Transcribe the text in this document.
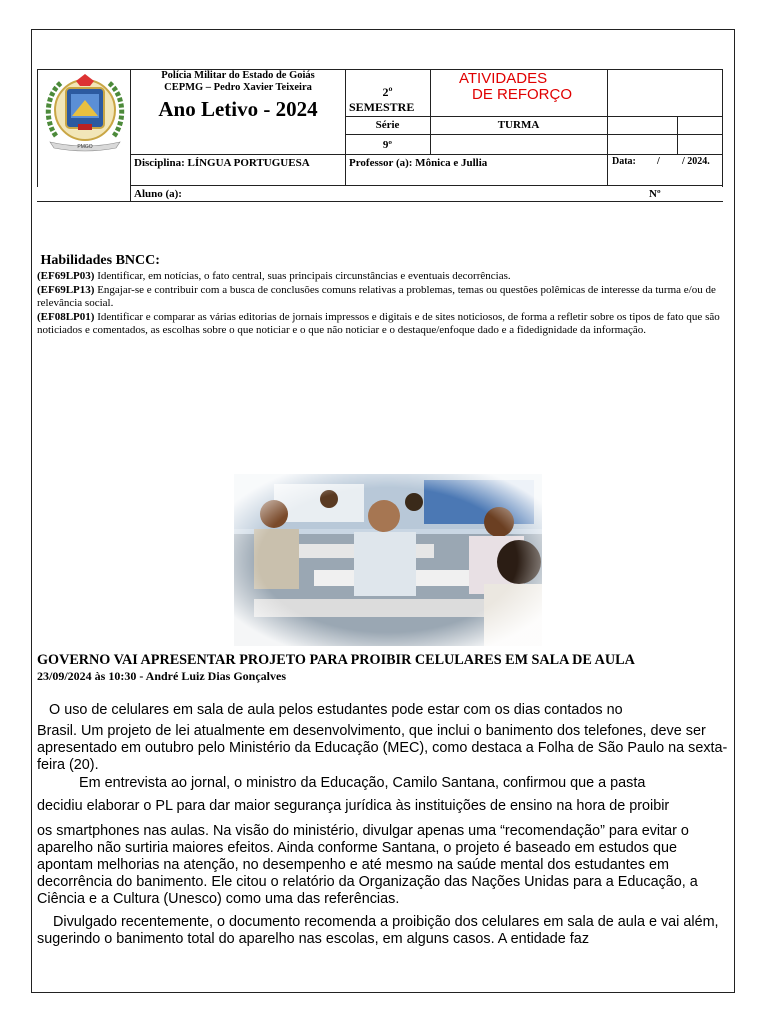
PMGO
Polícia Militar do Estado de Goiás
CEPMG – Pedro Xavier Teixeira
Ano Letivo - 2024
2º
SEMESTRE
ATIVIDADES
DE REFORÇO
Série	TURMA
9º
Disciplina: LÍNGUA PORTUGUESA	Professor (a): Mônica e Jullia	Data: / / 2024.
Aluno (a):	Nº
Habilidades BNCC:
(EF69LP03) Identificar, em notícias, o fato central, suas principais circunstâncias e eventuais decorrências.
(EF69LP13) Engajar-se e contribuir com a busca de conclusões comuns relativas a problemas, temas ou questões polêmicas de interesse da turma e/ou de relevância social.
(EF08LP01) Identificar e comparar as várias editorias de jornais impressos e digitais e de sites noticiosos, de forma a refletir sobre os tipos de fato que são noticiados e comentados, as escolhas sobre o que noticiar e o que não noticiar e o destaque/enfoque dado e a fidedignidade da informação.
GOVERNO VAI APRESENTAR PROJETO PARA PROIBIR CELULARES EM SALA DE AULA
23/09/2024 às 10:30 - André Luiz Dias Gonçalves
O uso de celulares em sala de aula pelos estudantes pode estar com os dias contados no
Brasil. Um projeto de lei atualmente em desenvolvimento, que inclui o banimento dos telefones, deve ser apresentado em outubro pelo Ministério da Educação (MEC), como destaca a Folha de São Paulo na sexta-feira (20).
Em entrevista ao jornal, o ministro da Educação, Camilo Santana, confirmou que a pasta
decidiu elaborar o PL para dar maior segurança jurídica às instituições de ensino na hora de proibir
os smartphones nas aulas. Na visão do ministério, divulgar apenas uma “recomendação” para evitar o aparelho não surtiria maiores efeitos. Ainda conforme Santana, o projeto é baseado em estudos que apontam melhorias na atenção, no desempenho e até mesmo na saúde mental dos estudantes em decorrência do banimento. Ele citou o relatório da Organização das Nações Unidas para a Educação, a Ciência e a Cultura (Unesco) como uma das referências.
Divulgado recentemente, o documento recomenda a proibição dos celulares em sala de aula e vai além, sugerindo o banimento total do aparelho nas escolas, em alguns casos. A entidade faz
